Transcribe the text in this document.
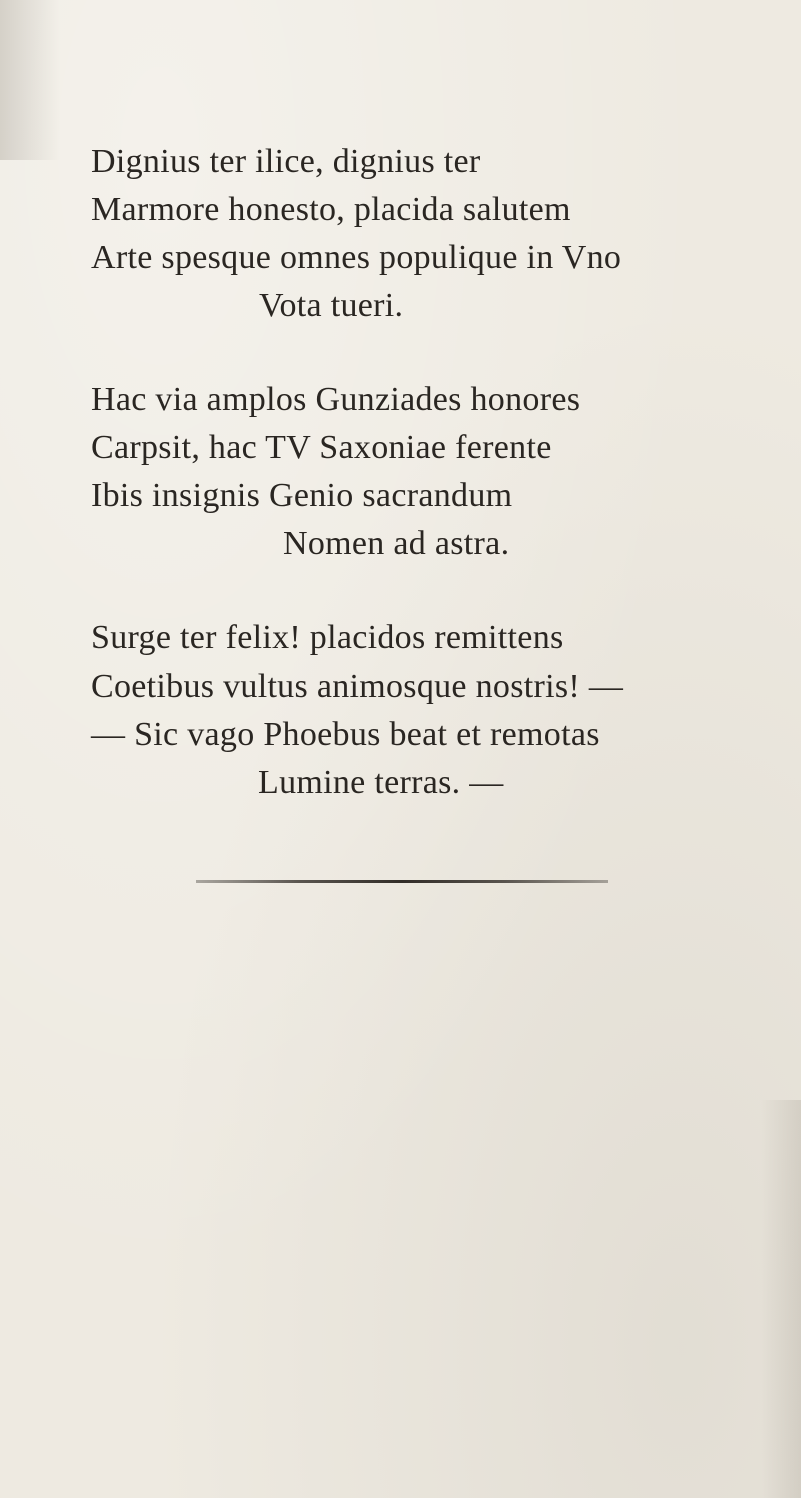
Dignius ter ilice, dignius ter
Marmore honesto, placida salutem
Arte spesque omnes populique in Vno
Vota tueri.
Hac via amplos Gunziades honores
Carpsit, hac TV Saxoniae ferente
Ibis insignis Genio sacrandum
Nomen ad astra.
Surge ter felix! placidos remittens
Coetibus vultus animosque nostris! —
— Sic vago Phoebus beat et remotas
Lumine terras. —
